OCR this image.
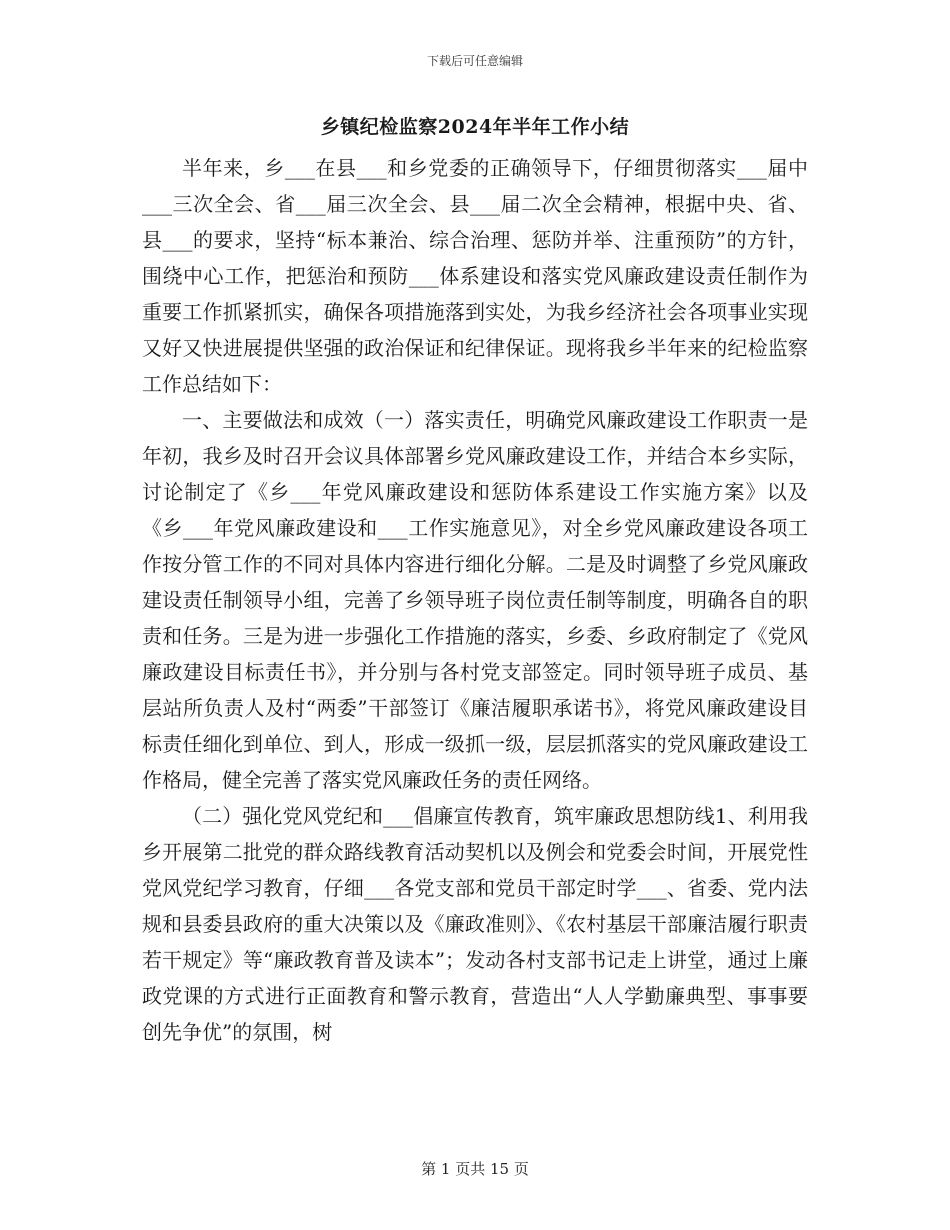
下载后可任意编辑
乡镇纪检监察2024年半年工作小结

半年来，乡___在县___和乡党委的正确领导下，仔细贯彻落实___届中___三次全会、省___届三次全会、县___届二次全会精神，根据中央、省、县___的要求，坚持“标本兼治、综合治理、惩防并举、注重预防”的方针，围绕中心工作，把惩治和预防___体系建设和落实党风廉政建设责任制作为重要工作抓紧抓实，确保各项措施落到实处，为我乡经济社会各项事业实现又好又快进展提供坚强的政治保证和纪律保证。现将我乡半年来的纪检监察工作总结如下：

一、主要做法和成效（一）落实责任，明确党风廉政建设工作职责一是年初，我乡及时召开会议具体部署乡党风廉政建设工作，并结合本乡实际，讨论制定了《乡___年党风廉政建设和惩防体系建设工作实施方案》以及《乡___年党风廉政建设和___工作实施意见》，对全乡党风廉政建设各项工作按分管工作的不同对具体内容进行细化分解。二是及时调整了乡党风廉政建设责任制领导小组，完善了乡领导班子岗位责任制等制度，明确各自的职责和任务。三是为进一步强化工作措施的落实，乡委、乡政府制定了《党风廉政建设目标责任书》，并分别与各村党支部签定。同时领导班子成员、基层站所负责人及村“两委”干部签订《廉洁履职承诺书》，将党风廉政建设目标责任细化到单位、到人，形成一级抓一级，层层抓落实的党风廉政建设工作格局，健全完善了落实党风廉政任务的责任网络。

（二）强化党风党纪和___倡廉宣传教育，筑牢廉政思想防线1、利用我乡开展第二批党的群众路线教育活动契机以及例会和党委会时间，开展党性党风党纪学习教育，仔细___各党支部和党员干部定时学___、省委、党内法规和县委县政府的重大决策以及《廉政准则》、《农村基层干部廉洁履行职责若干规定》等“廉政教育普及读本”；发动各村支部书记走上讲堂，通过上廉政党课的方式进行正面教育和警示教育，营造出“人人学勤廉典型、事事要创先争优”的氛围，树

第 1 页共 15 页
